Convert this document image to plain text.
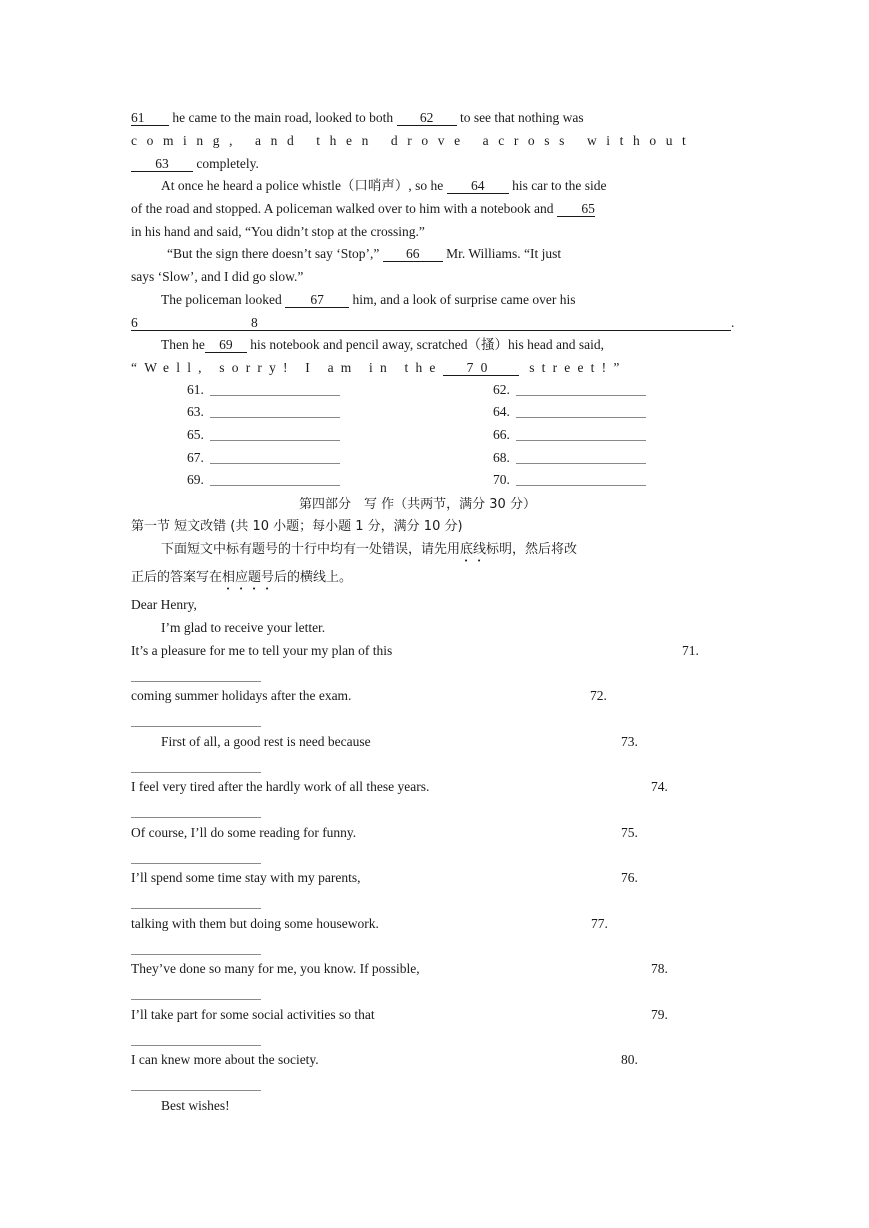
61 he came to the main road, looked to both 62 to see that nothing was
coming, and then drove across without
63 completely.
At once he heard a police whistle（口哨声）, so he 64 his car to the side
of the road and stopped. A policeman walked over to him with a notebook and 65
in his hand and said, “You didn’t stop at the crossing.”
“But the sign there doesn’t say ‘Stop’,” 66 Mr. Williams. “It just
says ‘Slow’, and I did go slow.”
The policeman looked 67 him, and a look of surprise came over his
6	8	.
Then he 69 his notebook and pencil away, scratched（搔）his head and said,
“Well, sorry! I am in the 70 street!”
61.	62.
63.	64.
65.	66.
67.	68.
69.	70.
第四部分　写 作（共两节，满分 30 分）
第一节 短文改错 (共 10 小题；每小题 1 分，满分 10 分)
下面短文中标有题号的十行中均有一处错误，请先用底线标明，然后将改
正后的答案写在相应题号后的横线上。
Dear Henry,
I’m glad to receive your letter.
It’s a pleasure for me to tell your my plan of this	71.
coming summer holidays after the exam.	72.
First of all, a good rest is need because	73.
I feel very tired after the hardly work of all these years.	74.
Of course, I’ll do some reading for funny.	75.
I’ll spend some time stay with my parents,	76.
talking with them but doing some housework.	77.
They’ve done so many for me, you know. If possible,	78.
I’ll take part for some social activities so that	79.
I can knew more about the society.	80.
Best wishes!
